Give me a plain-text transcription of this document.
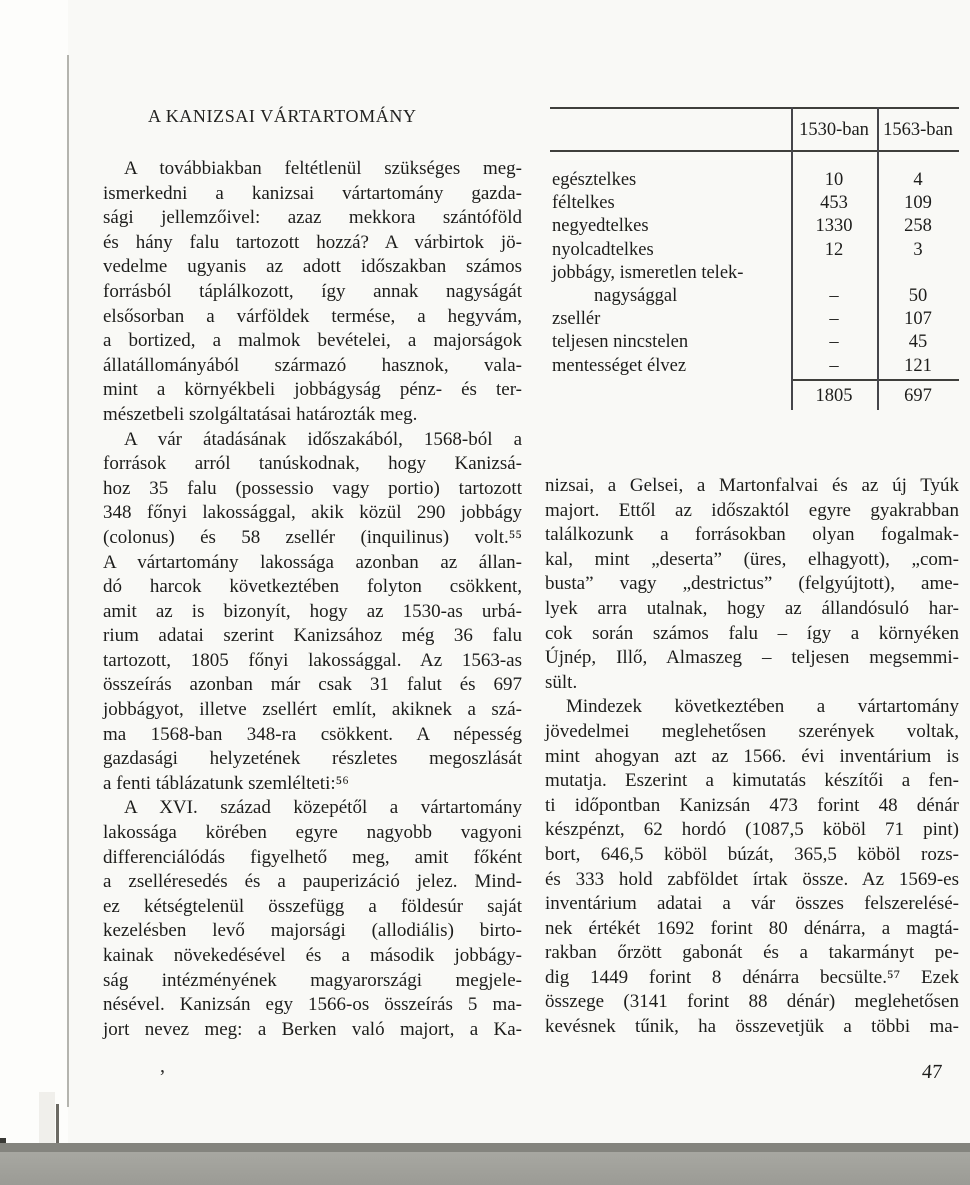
A KANIZSAI VÁRTARTOMÁNY
A továbbiakban feltétlenül szükséges meg-
ismerkedni a kanizsai vártartomány gazda-
sági jellemzőivel: azaz mekkora szántóföld
és hány falu tartozott hozzá? A várbirtok jö-
vedelme ugyanis az adott időszakban számos
forrásból táplálkozott, így annak nagyságát
elsősorban a várföldek termése, a hegyvám,
a bortized, a malmok bevételei, a majorságok
állatállományából származó hasznok, vala-
mint a környékbeli jobbágyság pénz- és ter-
mészetbeli szolgáltatásai határozták meg.
A vár átadásának időszakából, 1568-ból a
források arról tanúskodnak, hogy Kanizsá-
hoz 35 falu (possessio vagy portio) tartozott
348 főnyi lakossággal, akik közül 290 jobbágy
(colonus) és 58 zsellér (inquilinus) volt.⁵⁵
A vártartomány lakossága azonban az állan-
dó harcok következtében folyton csökkent,
amit az is bizonyít, hogy az 1530-as urbá-
rium adatai szerint Kanizsához még 36 falu
tartozott, 1805 főnyi lakossággal. Az 1563-as
összeírás azonban már csak 31 falut és 697
jobbágyot, illetve zsellért említ, akiknek a szá-
ma 1568-ban 348-ra csökkent. A népesség
gazdasági helyzetének részletes megoszlását
a fenti táblázatunk szemlélteti:⁵⁶
A XVI. század közepétől a vártartomány
lakossága körében egyre nagyobb vagyoni
differenciálódás figyelhető meg, amit főként
a zselléresedés és a pauperizáció jelez. Mind-
ez kétségtelenül összefügg a földesúr saját
kezelésben levő majorsági (allodiális) birto-
kainak növekedésével és a második jobbágy-
ság intézményének magyarországi megjele-
nésével. Kanizsán egy 1566-os összeírás 5 ma-
jort nevez meg: a Berken való majort, a Ka-
1530-ban 1563-ban
egésztelkes	10	4
féltelkes	453	109
negyedtelkes	1330	258
nyolcadtelkes	12	3
jobbágy, ismeretlen telek-
nagysággal	–	50
zsellér	–	107
teljesen nincstelen	–	45
mentességet élvez	–	121
1805	697
nizsai, a Gelsei, a Martonfalvai és az új Tyúk
majort. Ettől az időszaktól egyre gyakrabban
találkozunk a forrásokban olyan fogalmak-
kal, mint „deserta” (üres, elhagyott), „com-
busta” vagy „destrictus” (felgyújtott), ame-
lyek arra utalnak, hogy az állandósuló har-
cok során számos falu – így a környéken
Újnép, Illő, Almaszeg – teljesen megsemmi-
sült.
Mindezek következtében a vártartomány
jövedelmei meglehetősen szerények voltak,
mint ahogyan azt az 1566. évi inventárium is
mutatja. Eszerint a kimutatás készítői a fen-
ti időpontban Kanizsán 473 forint 48 dénár
készpénzt, 62 hordó (1087,5 köböl 71 pint)
bort, 646,5 köböl búzát, 365,5 köböl rozs-
és 333 hold zabföldet írtak össze. Az 1569-es
inventárium adatai a vár összes felszerelésé-
nek értékét 1692 forint 80 dénárra, a magtá-
rakban őrzött gabonát és a takarmányt pe-
dig 1449 forint 8 dénárra becsülte.⁵⁷ Ezek
összege (3141 forint 88 dénár) meglehetősen
kevésnek tűnik, ha összevetjük a többi ma-
,	47
